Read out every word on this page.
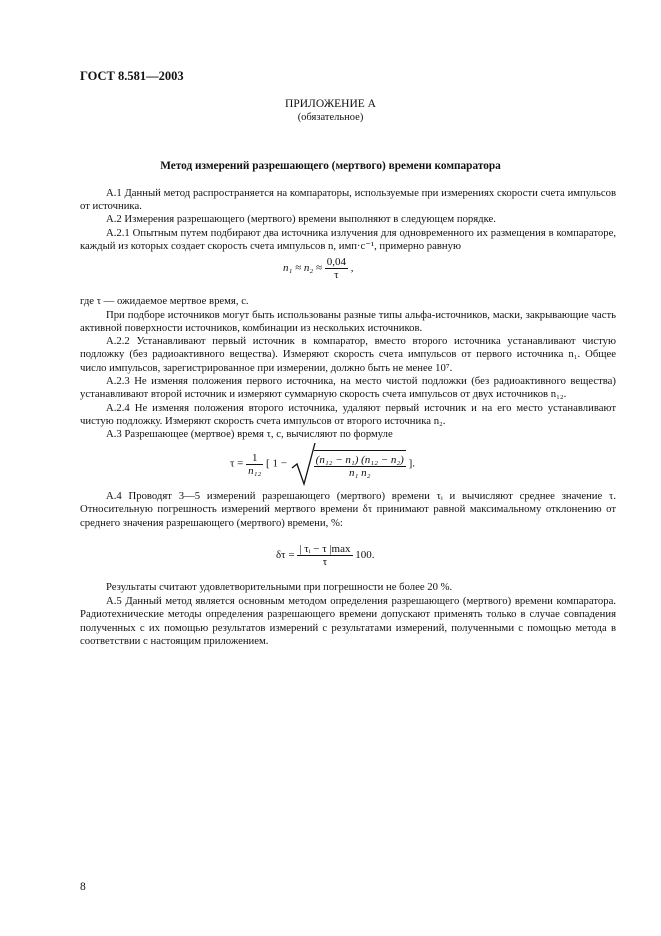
ГОСТ 8.581—2003
ПРИЛОЖЕНИЕ А
(обязательное)
Метод измерений разрешающего (мертвого) времени компаратора

А.1 Данный метод распространяется на компараторы, используемые при измерениях скорости счета импульсов от источника.

А.2 Измерения разрешающего (мертвого) времени выполняют в следующем порядке.

А.2.1 Опытным путем подбирают два источника излучения для одновременного их размещения в компараторе, каждый из которых создает скорость счета импульсов n, имп·с⁻¹, примерно равную

$n_1 \approx n_2 \approx \frac{0,04}{\tau}$ ,

где τ — ожидаемое мертвое время, с.

При подборе источников могут быть использованы разные типы альфа-источников, маски, закрывающие часть активной поверхности источников, комбинации из нескольких источников.

А.2.2 Устанавливают первый источник в компаратор, вместо второго источника устанавливают чистую подложку (без радиоактивного вещества). Измеряют скорость счета импульсов от первого источника n₁. Общее число импульсов, зарегистрированное при измерении, должно быть не менее 10⁷.

А.2.3 Не изменяя положения первого источника, на место чистой подложки (без радиоактивного вещества) устанавливают второй источник и измеряют суммарную скорость счета импульсов от двух источников n₁₂.

А.2.4 Не изменяя положения второго источника, удаляют первый источник и на его место устанавливают чистую подложку. Измеряют скорость счета импульсов от второго источника n₂.

А.3 Разрешающее (мертвое) время τ, с, вычисляют по формуле

$\tau = \frac{1}{\text{n₁₂}}$ [ $1 - \frac{\text{(n₁₂ − n₁) (n₁₂ − n₂)}}{\text{n₁ n₂}}$ ].

А.4 Проводят 3—5 измерений разрешающего (мертвого) времени τᵢ и вычисляют среднее значение τ. Относительную погрешность измерений мертвого времени δτ принимают равной максимальному отклонению от среднего значения разрешающего (мертвого) времени, %:

$\delta\tau = \frac{\text{| τᵢ − τ |max}}{\tau} 100$.

Результаты считают удовлетворительными при погрешности не более 20 %.

А.5 Данный метод является основным методом определения разрешающего (мертвого) времени компаратора. Радиотехнические методы определения разрешающего времени допускают применять только в случае совпадения полученных с их помощью результатов измерений с результатами измерений, полученными с помощью метода в соответствии с настоящим приложением.

8
